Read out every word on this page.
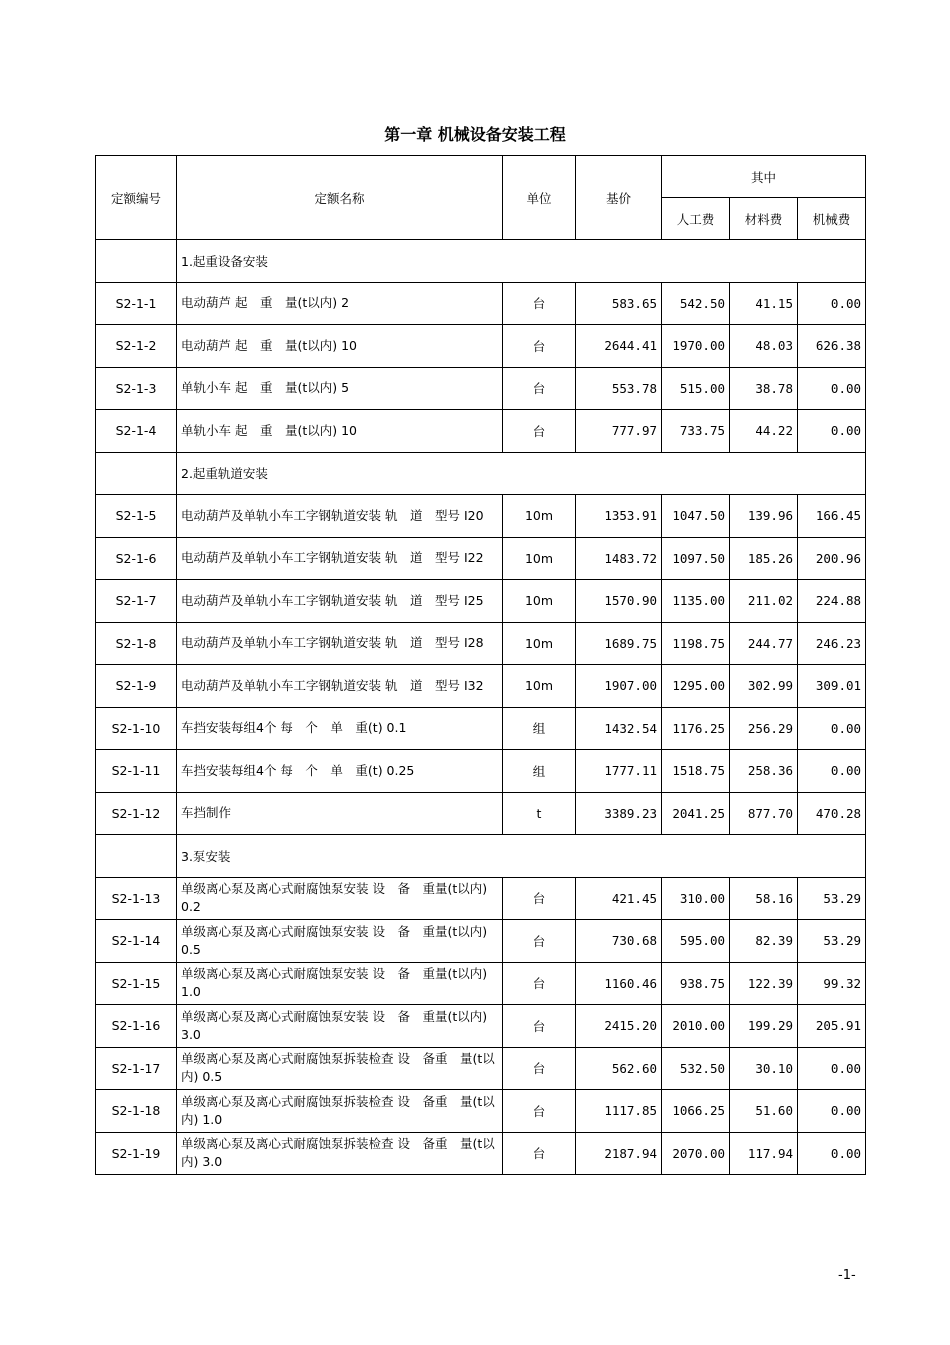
第一章 机械设备安装工程
定额编号	定额名称	单位	基价	其中		
				人工费	材料费	机械费
	1.起重设备安装					
S2-1-1	电动葫芦 起　重　量(t以内) 2	台	583.65	542.50	41.15	0.00
S2-1-2	电动葫芦 起　重　量(t以内) 10	台	2644.41	1970.00	48.03	626.38
S2-1-3	单轨小车 起　重　量(t以内) 5	台	553.78	515.00	38.78	0.00
S2-1-4	单轨小车 起　重　量(t以内) 10	台	777.97	733.75	44.22	0.00
	2.起重轨道安装					
S2-1-5	电动葫芦及单轨小车工字钢轨道安装 轨　道　型号 I20	10m	1353.91	1047.50	139.96	166.45
S2-1-6	电动葫芦及单轨小车工字钢轨道安装 轨　道　型号 I22	10m	1483.72	1097.50	185.26	200.96
S2-1-7	电动葫芦及单轨小车工字钢轨道安装 轨　道　型号 I25	10m	1570.90	1135.00	211.02	224.88
S2-1-8	电动葫芦及单轨小车工字钢轨道安装 轨　道　型号 I28	10m	1689.75	1198.75	244.77	246.23
S2-1-9	电动葫芦及单轨小车工字钢轨道安装 轨　道　型号 I32	10m	1907.00	1295.00	302.99	309.01
S2-1-10	车挡安装每组4个 每　个　单　重(t) 0.1	组	1432.54	1176.25	256.29	0.00
S2-1-11	车挡安装每组4个 每　个　单　重(t) 0.25	组	1777.11	1518.75	258.36	0.00
S2-1-12	车挡制作	t	3389.23	2041.25	877.70	470.28
	3.泵安装					
S2-1-13	单级离心泵及离心式耐腐蚀泵安装 设　备　重量(t以内) 0.2	台	421.45	310.00	58.16	53.29
S2-1-14	单级离心泵及离心式耐腐蚀泵安装 设　备　重量(t以内) 0.5	台	730.68	595.00	82.39	53.29
S2-1-15	单级离心泵及离心式耐腐蚀泵安装 设　备　重量(t以内) 1.0	台	1160.46	938.75	122.39	99.32
S2-1-16	单级离心泵及离心式耐腐蚀泵安装 设　备　重量(t以内) 3.0	台	2415.20	2010.00	199.29	205.91
S2-1-17	单级离心泵及离心式耐腐蚀泵拆装检查 设　备重　量(t以内) 0.5	台	562.60	532.50	30.10	0.00
S2-1-18	单级离心泵及离心式耐腐蚀泵拆装检查 设　备重　量(t以内) 1.0	台	1117.85	1066.25	51.60	0.00
S2-1-19	单级离心泵及离心式耐腐蚀泵拆装检查 设　备重　量(t以内) 3.0	台	2187.94	2070.00	117.94	0.00
-1-
